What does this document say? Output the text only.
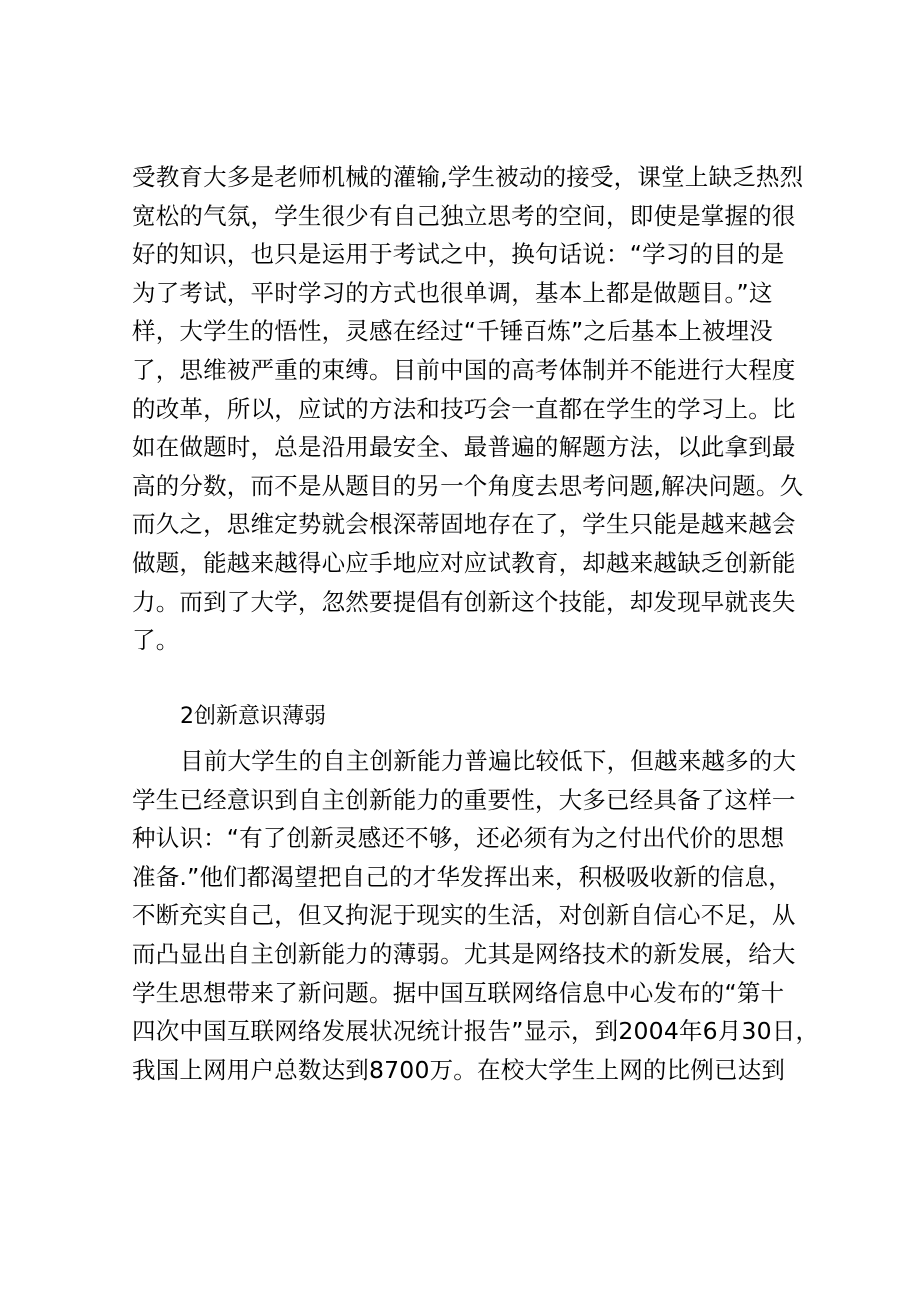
受教育大多是老师机械的灌输,学生被动的接受，课堂上缺乏热烈
宽松的气氛，学生很少有自己独立思考的空间，即使是掌握的很
好的知识，也只是运用于考试之中，换句话说：“学习的目的是
为了考试，平时学习的方式也很单调，基本上都是做题目。”这
样，大学生的悟性，灵感在经过“千锤百炼”之后基本上被埋没
了，思维被严重的束缚。目前中国的高考体制并不能进行大程度
的改革，所以，应试的方法和技巧会一直都在学生的学习上。比
如在做题时，总是沿用最安全、最普遍的解题方法，以此拿到最
高的分数，而不是从题目的另一个角度去思考问题,解决问题。久
而久之，思维定势就会根深蒂固地存在了，学生只能是越来越会
做题，能越来越得心应手地应对应试教育，却越来越缺乏创新能
力。而到了大学，忽然要提倡有创新这个技能，却发现早就丧失
了。
2创新意识薄弱
目前大学生的自主创新能力普遍比较低下，但越来越多的大
学生已经意识到自主创新能力的重要性，大多已经具备了这样一
种认识：“有了创新灵感还不够，还必须有为之付出代价的思想
准备.”他们都渴望把自己的才华发挥出来，积极吸收新的信息，
不断充实自己，但又拘泥于现实的生活，对创新自信心不足，从
而凸显出自主创新能力的薄弱。尤其是网络技术的新发展，给大
学生思想带来了新问题。据中国互联网络信息中心发布的“第十
四次中国互联网络发展状况统计报告”显示，到2004年6月30日，
我国上网用户总数达到8700万。在校大学生上网的比例已达到
